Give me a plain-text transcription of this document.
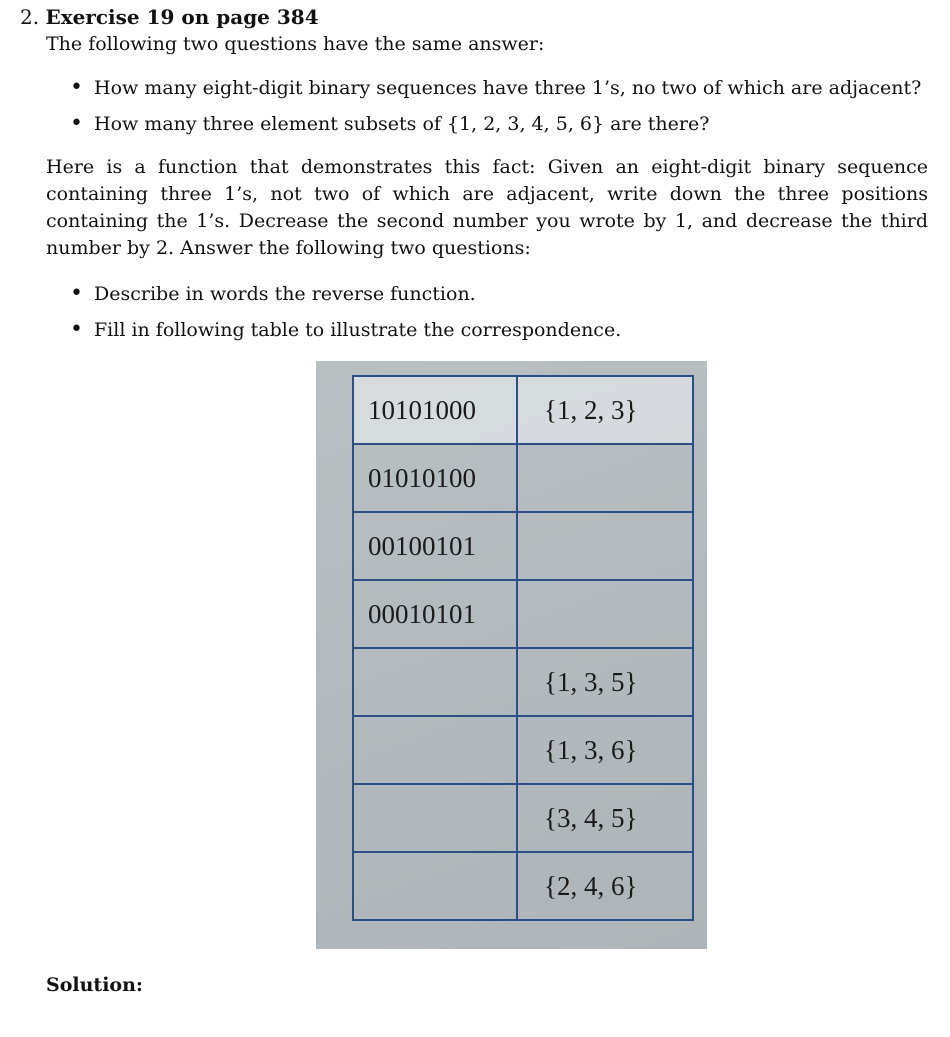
2. Exercise 19 on page 384
The following two questions have the same answer:
• How many eight-digit binary sequences have three 1’s, no two of which are adjacent?
• How many three element subsets of {1, 2, 3, 4, 5, 6} are there?
Here is a function that demonstrates this fact: Given an eight-digit binary sequence containing three 1’s, not two of which are adjacent, write down the three positions containing the 1’s. Decrease the second number you wrote by 1, and decrease the third number by 2. Answer the following two questions:
• Describe in words the reverse function.
• Fill in following table to illustrate the correspondence.
10101000	{1, 2, 3}
01010100	
00100101	
00010101	
	{1, 3, 5}
	{1, 3, 6}
	{3, 4, 5}
	{2, 4, 6}
Solution:
